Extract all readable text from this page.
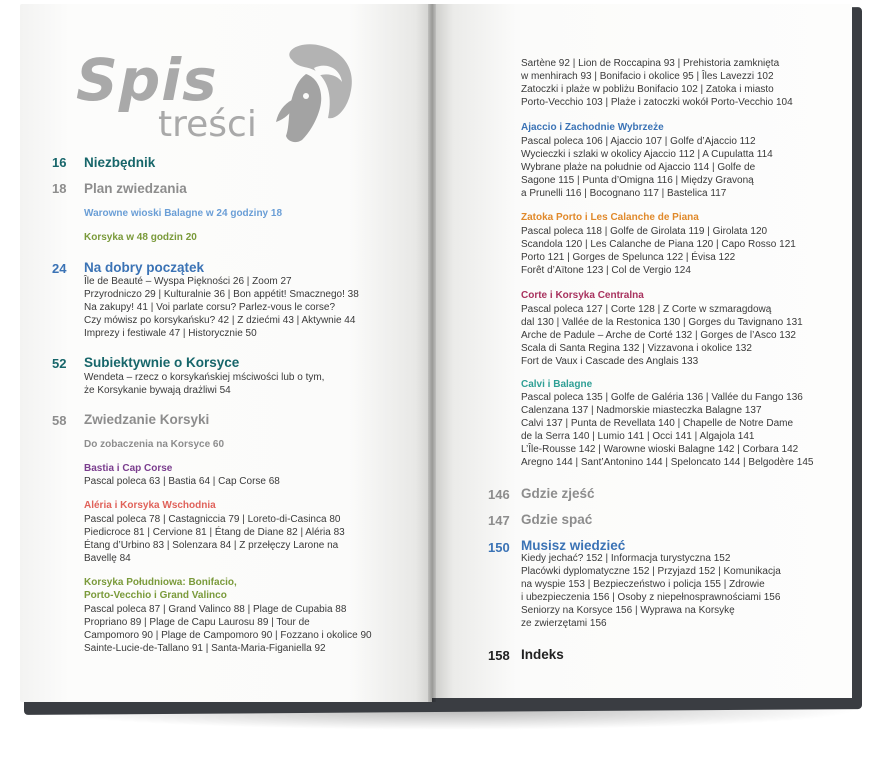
Spis
treści
16 Niezbędnik
18 Plan zwiedzania
Warowne wioski Balagne w 24 godziny 18
Korsyka w 48 godzin 20
24 Na dobry początek
Île de Beauté – Wyspa Piękności 26 | Zoom 27
Przyrodniczo 29 | Kulturalnie 36 | Bon appétit! Smacznego! 38
Na zakupy! 41 | Voi parlate corsu? Parlez-vous le corse?
Czy mówisz po korsykańsku? 42 | Z dziećmi 43 | Aktywnie 44
Imprezy i festiwale 47 | Historycznie 50
52 Subiektywnie o Korsyce
Wendeta – rzecz o korsykańskiej mściwości lub o tym,
że Korsykanie bywają drażliwi 54
58 Zwiedzanie Korsyki
Do zobaczenia na Korsyce 60
Bastia i Cap Corse
Pascal poleca 63 | Bastia 64 | Cap Corse 68
Aléria i Korsyka Wschodnia
Pascal poleca 78 | Castagniccia 79 | Loreto-di-Casinca 80
Piedicroce 81 | Cervione 81 | Étang de Diane 82 | Aléria 83
Étang d’Urbino 83 | Solenzara 84 | Z przełęczy Larone na
Bavellę 84
Korsyka Południowa: Bonifacio,
Porto-Vecchio i Grand Valinco
Pascal poleca 87 | Grand Valinco 88 | Plage de Cupabia 88
Propriano 89 | Plage de Capu Laurosu 89 | Tour de
Campomoro 90 | Plage de Campomoro 90 | Fozzano i okolice 90
Sainte-Lucie-de-Tallano 91 | Santa-Maria-Figaniella 92
Sartène 92 | Lion de Roccapina 93 | Prehistoria zamknięta
w menhirach 93 | Bonifacio i okolice 95 | Îles Lavezzi 102
Zatoczki i plaże w pobliżu Bonifacio 102 | Zatoka i miasto
Porto-Vecchio 103 | Plaże i zatoczki wokół Porto-Vecchio 104
Ajaccio i Zachodnie Wybrzeże
Pascal poleca 106 | Ajaccio 107 | Golfe d’Ajaccio 112
Wycieczki i szlaki w okolicy Ajaccio 112 | A Cupulatta 114
Wybrane plaże na południe od Ajaccio 114 | Golfe de
Sagone 115 | Punta d’Omigna 116 | Między Gravoną
a Prunelli 116 | Bocognano 117 | Bastelica 117
Zatoka Porto i Les Calanche de Piana
Pascal poleca 118 | Golfe de Girolata 119 | Girolata 120
Scandola 120 | Les Calanche de Piana 120 | Capo Rosso 121
Porto 121 | Gorges de Spelunca 122 | Évisa 122
Forêt d’Aïtone 123 | Col de Vergio 124
Corte i Korsyka Centralna
Pascal poleca 127 | Corte 128 | Z Corte w szmaragdową
dal 130 | Vallée de la Restonica 130 | Gorges du Tavignano 131
Arche de Padule – Arche de Corté 132 | Gorges de l’Asco 132
Scala di Santa Regina 132 | Vizzavona i okolice 132
Fort de Vaux i Cascade des Anglais 133
Calvi i Balagne
Pascal poleca 135 | Golfe de Galéria 136 | Vallée du Fango 136
Calenzana 137 | Nadmorskie miasteczka Balagne 137
Calvi 137 | Punta de Revellata 140 | Chapelle de Notre Dame
de la Serra 140 | Lumio 141 | Occi 141 | Algajola 141
L’Île-Rousse 142 | Warowne wioski Balagne 142 | Corbara 142
Aregno 144 | Sant’Antonino 144 | Speloncato 144 | Belgodère 145
146 Gdzie zjeść
147 Gdzie spać
150 Musisz wiedzieć
Kiedy jechać? 152 | Informacja turystyczna 152
Placówki dyplomatyczne 152 | Przyjazd 152 | Komunikacja
na wyspie 153 | Bezpieczeństwo i policja 155 | Zdrowie
i ubezpieczenia 156 | Osoby z niepełnosprawnościami 156
Seniorzy na Korsyce 156 | Wyprawa na Korsykę
ze zwierzętami 156
158 Indeks
